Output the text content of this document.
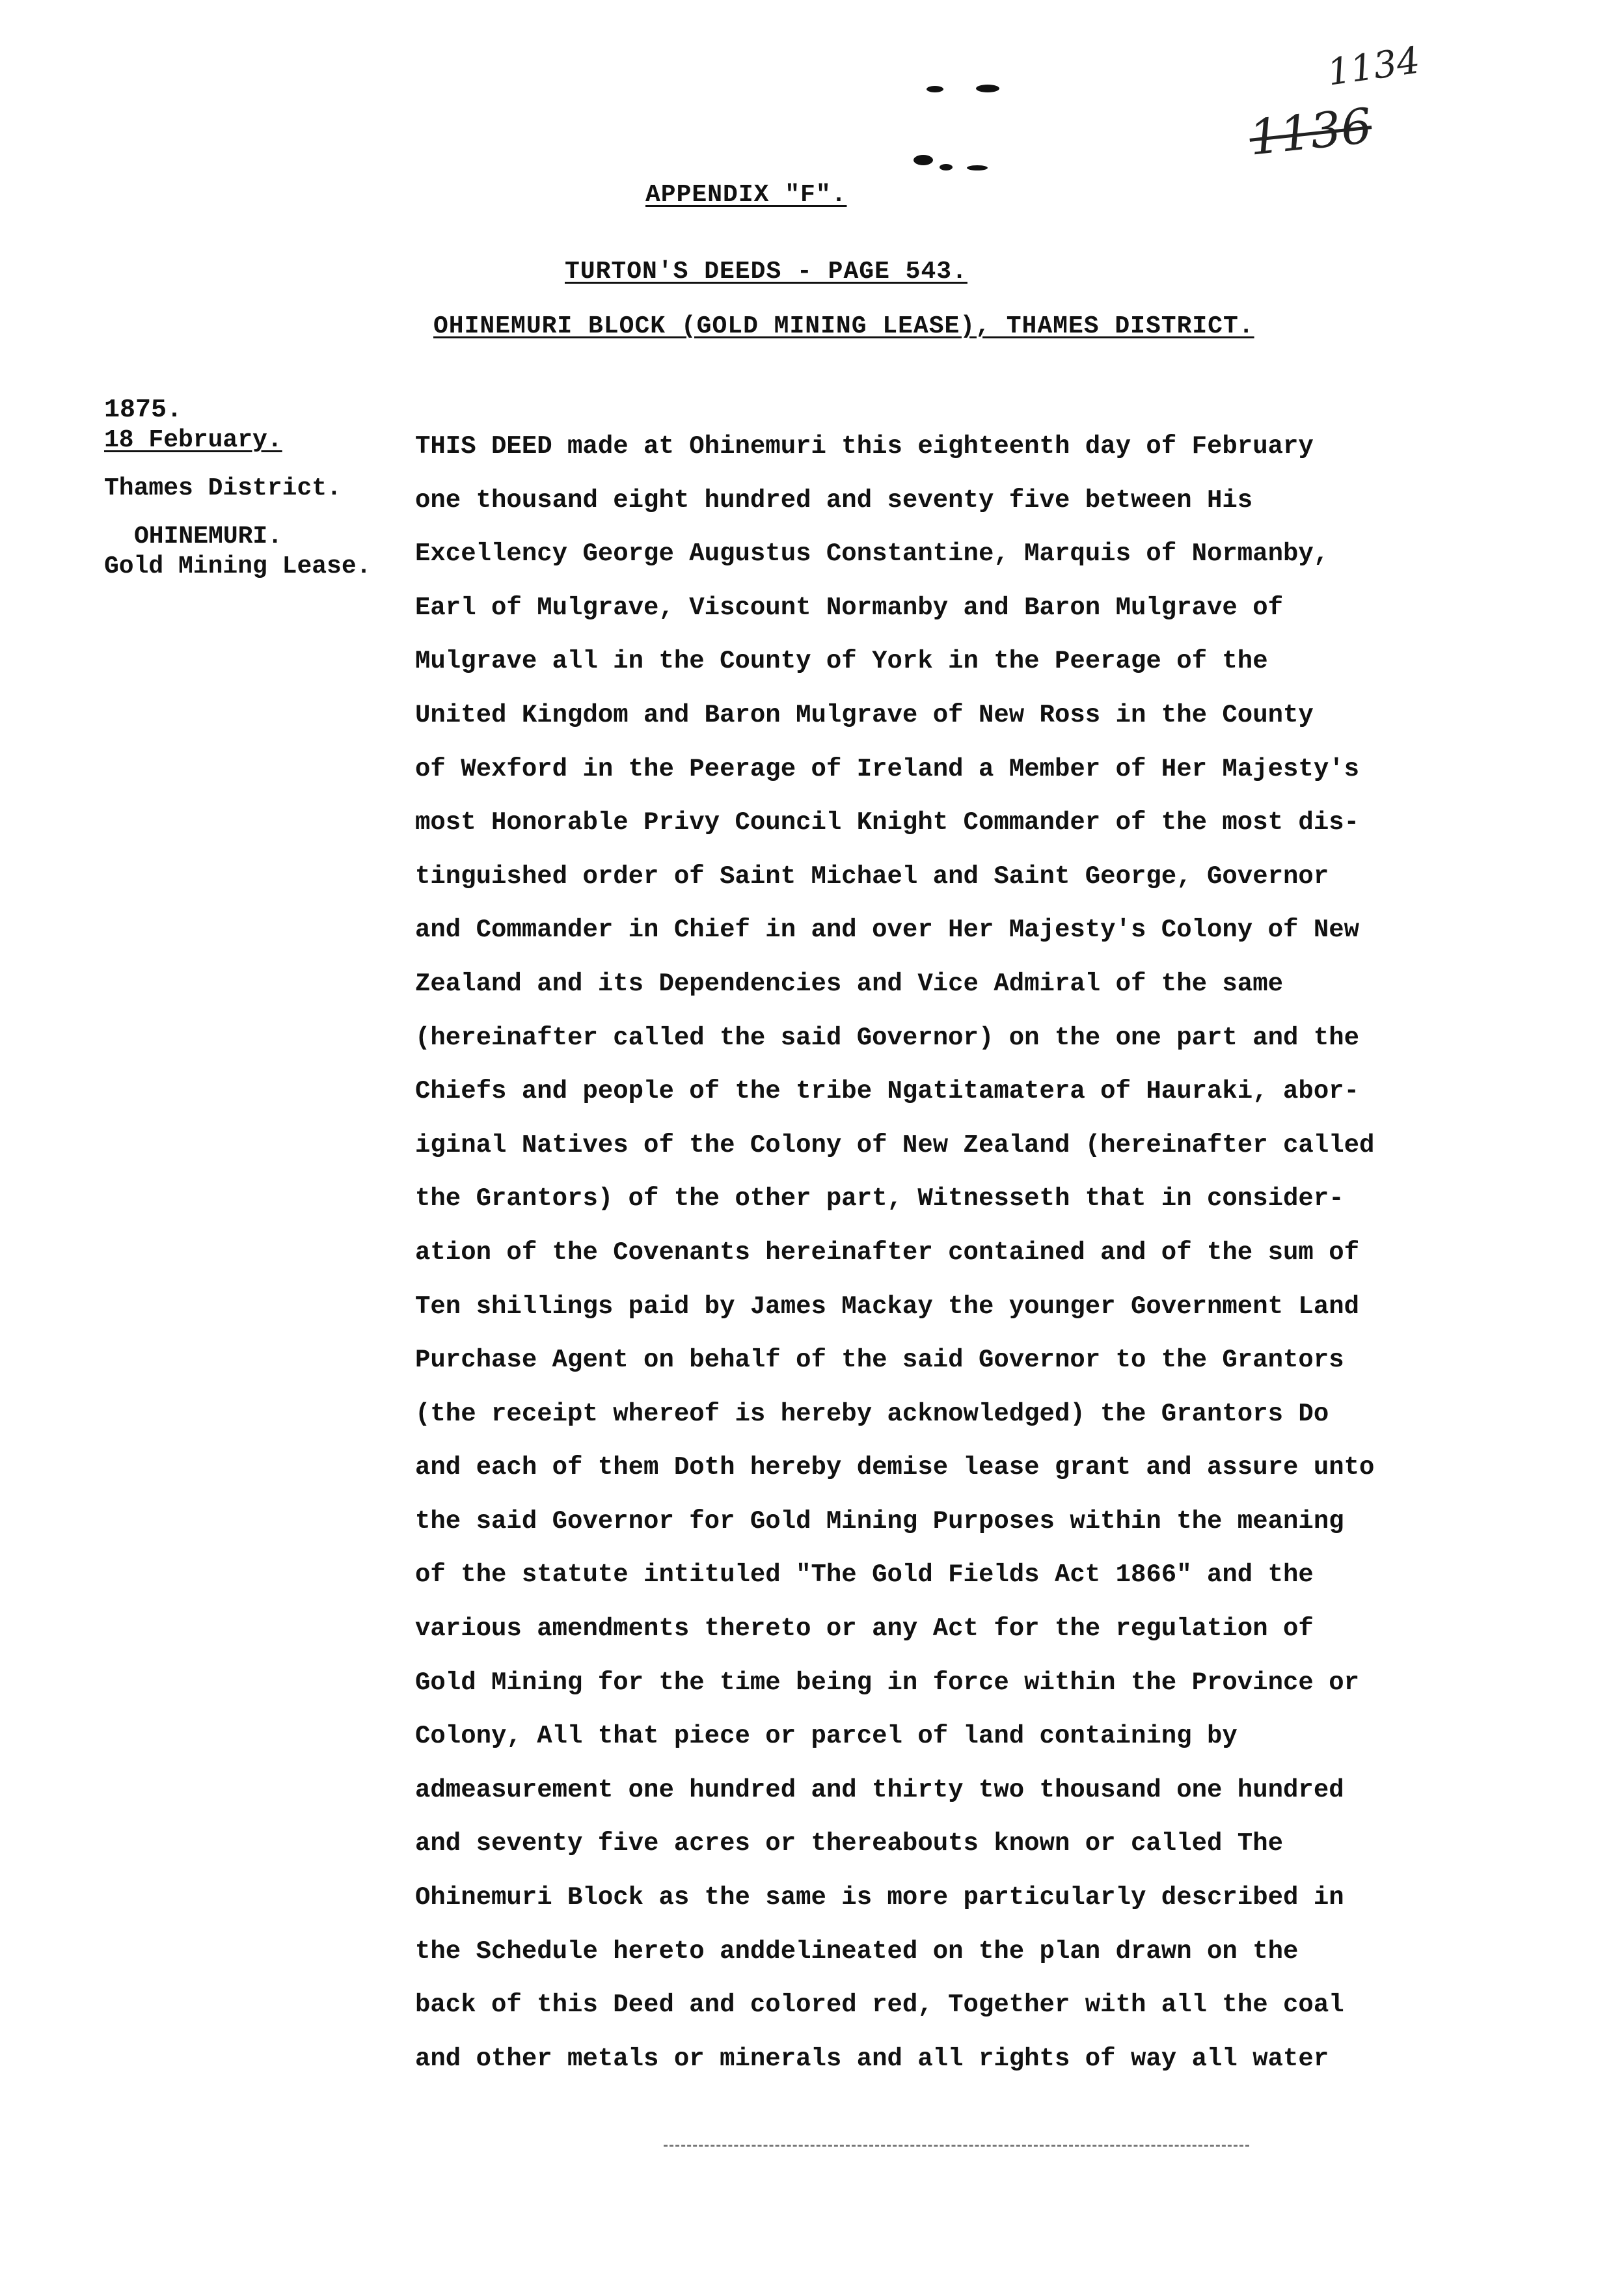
1134
1136
APPENDIX "F".
TURTON'S DEEDS - PAGE 543.
OHINEMURI BLOCK (GOLD MINING LEASE), THAMES DISTRICT.
1875.
18 February.
Thames District.
OHINEMURI.
Gold Mining Lease.
THIS DEED made at Ohinemuri this eighteenth day of February
one thousand eight hundred and seventy five between His
Excellency George Augustus Constantine, Marquis of Normanby,
Earl of Mulgrave, Viscount Normanby and Baron Mulgrave of
Mulgrave all in the County of York in the Peerage of the
United Kingdom and Baron Mulgrave of New Ross in the County
of Wexford in the Peerage of Ireland a Member of Her Majesty's
most Honorable Privy Council Knight Commander of the most dis-
tinguished order of Saint Michael and Saint George, Governor
and Commander in Chief in and over Her Majesty's Colony of New
Zealand and its Dependencies and Vice Admiral of the same
(hereinafter called the said Governor) on the one part and the
Chiefs and people of the tribe Ngatitamatera of Hauraki, abor-
iginal Natives of the Colony of New Zealand (hereinafter called
the Grantors) of the other part, Witnesseth that in consider-
ation of the Covenants hereinafter contained and of the sum of
Ten shillings paid by James Mackay the younger Government Land
Purchase Agent on behalf of the said Governor to the Grantors
(the receipt whereof is hereby acknowledged) the Grantors Do
and each of them Doth hereby demise lease grant and assure unto
the said Governor for Gold Mining Purposes within the meaning
of the statute intituled "The Gold Fields Act 1866" and the
various amendments thereto or any Act for the regulation of
Gold Mining for the time being in force within the Province or
Colony, All that piece or parcel of land containing by
admeasurement one hundred and thirty two thousand one hundred
and seventy five acres or thereabouts known or called The
Ohinemuri Block as the same is more particularly described in
the Schedule hereto anddelineated on the plan drawn on the
back of this Deed and colored red, Together with all the coal
and other metals or minerals and all rights of way all water
